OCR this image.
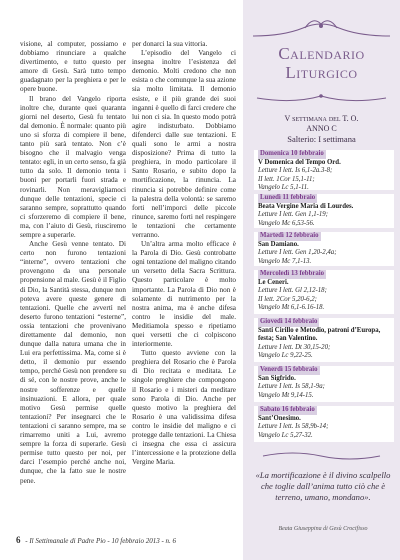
visione, al computer, possiamo e dobbiamo rinunciare a qualche divertimento, e tutto questo per amore di Gesù. Sarà tutto tempo guadagnato per la preghiera e per le opere buone.

Il brano del Vangelo riporta inoltre che, durante quei quaranta giorni nel deserto, Gesù fu tentato dal demonio. È normale: quanto più uno si sforza di compiere il bene, tanto più sarà tentato. Non c’è bisogno che il malvagio venga tentato: egli, in un certo senso, fa già tutto da solo. Il demonio tenta i buoni per portarli fuori strada e rovinarli. Non meravigliamoci dunque delle tentazioni, specie ci saranno sempre, soprattutto quando ci sforzeremo di compiere il bene, ma, con l’aiuto di Gesù, riusciremo sempre a superarle.

Anche Gesù venne tentato. Di certo non furono tentazioni “interne”, ovvero tentazioni che provengono da una personale propensione al male. Gesù è il Figlio di Dio, la Santità stessa, dunque non poteva avere queste genere di tentazioni. Quelle che avvertì nel deserto furono tentazioni “esterne”, ossia tentazioni che provenivano direttamente dal demonio, non dunque dalla natura umana che in Lui era perfettissima. Ma, come si è detto, il demonio pur essendo tempo, perché Gesù non prendere su di sé, con le nostre prove, anche le nostre sofferenze e quelle insinuazioni. E allora, per quale motivo Gesù permise quelle tentazioni? Per insegnarci che le tentazioni ci saranno sempre, ma se rimarremo uniti a Lui, avremo sempre la forza di superarle. Gesù permise tutto questo per noi, per darci l’esempio perché anche noi, dunque, che la fatto sue le nostre pene.

per donarci la sua vittoria.

L’episodio del Vangelo ci insegna inoltre l’esistenza del demonio. Molti credono che non esista o che comunque la sua azione sia molto limitata. Il demonio esiste, e il più grande dei suoi inganni è quello di farci credere che lui non ci sia. In questo modo potrà agire indisturbato. Dobbiamo difenderci dalle sue tentazioni. E quali sono le armi a nostra disposizione? Prima di tutto la preghiera, in modo particolare il Santo Rosario, e subito dopo la mortificazione, la rinuncia. La rinuncia si potrebbe definire come la palestra della volontà: se saremo forti nell’imporci delle piccole rinunce, saremo forti nel respingere le tentazioni che certamente verranno.

Un’altra arma molto efficace è la Parola di Dio. Gesù controbatte ogni tentazione del maligno citando un versetto della Sacra Scrittura. Questo particolare è molto importante. La Parola di Dio non è solamente di nutrimento per la nostra anima, ma è anche difesa contro le insidie del male. Meditiamola spesso e ripetiamo quei versetti che ci colpiscono interiormente.

Tutto questo avviene con la preghiera del Rosario che è Parola di Dio recitata e meditata. Le singole preghiere che compongono il Rosario e i misteri da meditare sono Parola di Dio. Anche per questo motivo la preghiera del Rosario è una validissima difesa contro le insidie del maligno e ci protegge dalle tentazioni. La Chiesa ci insegna che essa ci assicura l’intercessione e la protezione della Vergine Maria.

Calendario
Liturgico
V settimana del T. O.
ANNO C
Salterio: I settimana
Domenica 10 febbraio
V Domenica del Tempo Ord.
Letture I lett. Is 6,1-2a.3-8;
II lett. 1Cor 15,1-11;
Vangelo Lc 5,1-11.
Lunedì 11 febbraio
Beata Vergine Maria di Lourdes.
Letture I lett. Gen 1,1-19;
Vangelo Mc 6,53-56.
Martedì 12 febbraio
San Damiano.
Letture I lett. Gen 1,20-2,4a;
Vangelo Mc 7,1-13.
Mercoledì 13 febbraio
Le Ceneri.
Letture I lett. Gl 2,12-18;
II lett. 2Cor 5,20-6,2;
Vangelo Mt 6,1-6.16-18.
Giovedì 14 febbraio
Santi Cirillo e Metodio, patroni d’Europa, festa; San Valentino.
Letture I lett. Dt 30,15-20;
Vangelo Lc 9,22-25.
Venerdì 15 febbraio
San Sigfrido.
Letture I lett. Is 58,1-9a;
Vangelo Mt 9,14-15.
Sabato 16 febbraio
Sant’Onesimo.
Letture I lett. Is 58,9b-14;
Vangelo Lc 5,27-32.
«La mortificazione è il divino scalpello che toglie dall’anima tutto ciò che è terreno, umano, mondano».
Beata Giuseppina di Gesù Crocifisso
6 - Il Settimanale di Padre Pio - 10 febbraio 2013 - n. 6
